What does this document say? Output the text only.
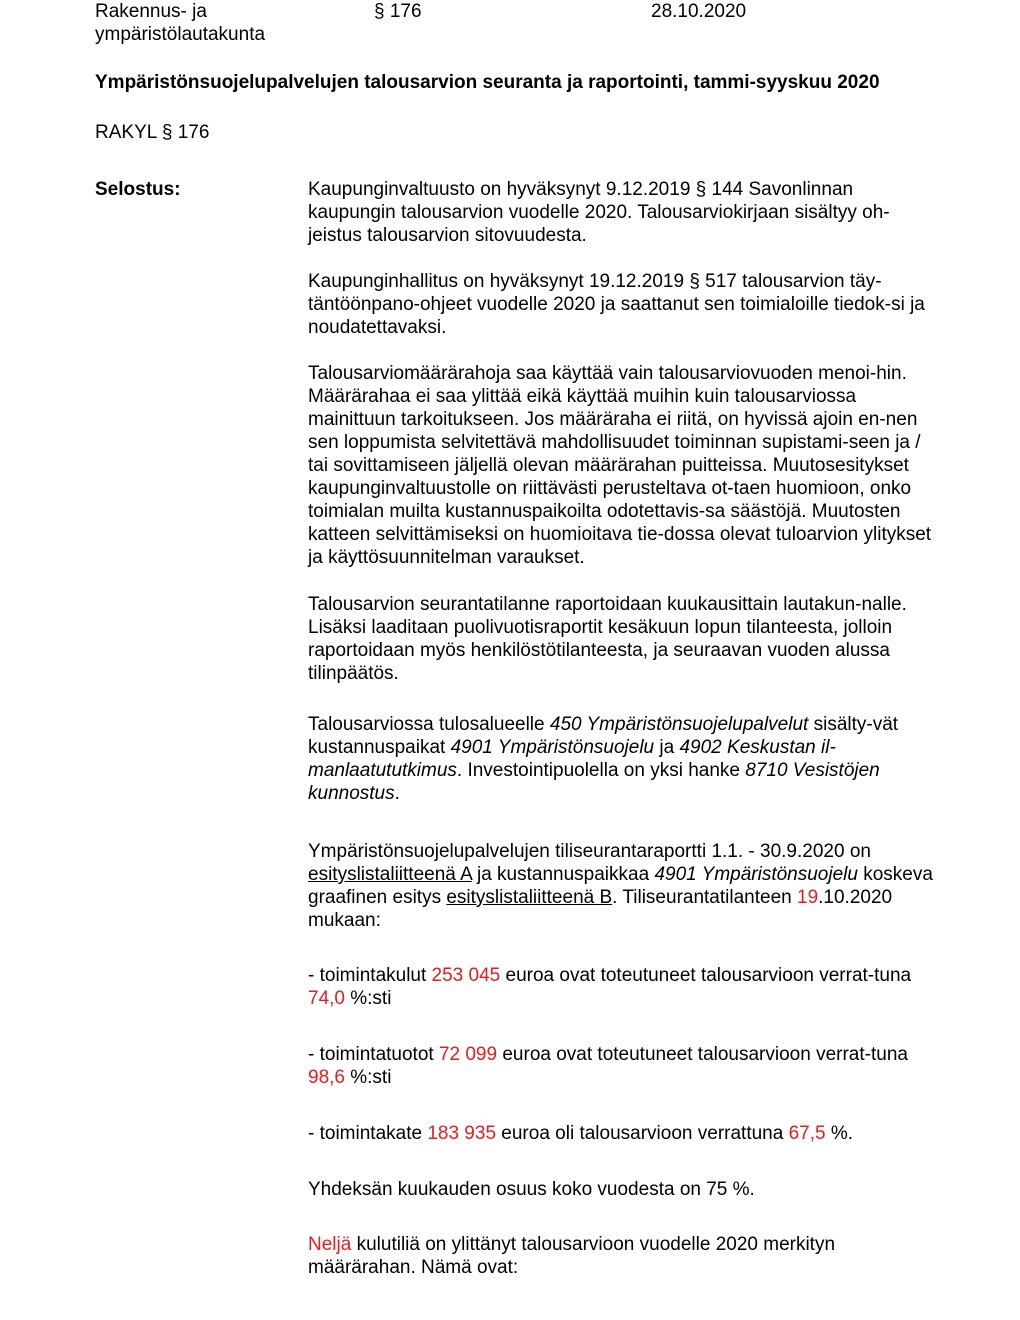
Rakennus- ja
ympäristölautakunta
§ 176	28.10.2020
Ympäristönsuojelupalvelujen talousarvion seuranta ja raportointi, tammi-syyskuu 2020
RAKYL § 176
Selostus:	Kaupunginvaltuusto on hyväksynyt 9.12.2019 § 144 Savonlinnan kaupungin talousarvion vuodelle 2020. Talousarviokirjaan sisältyy oh-jeistus talousarvion sitovuudesta.

Kaupunginhallitus on hyväksynyt 19.12.2019 § 517 talousarvion täy-täntöönpano-ohjeet vuodelle 2020 ja saattanut sen toimialoille tiedok-si ja noudatettavaksi.

Talousarviomäärärahoja saa käyttää vain talousarviovuoden menoi-hin. Määrärahaa ei saa ylittää eikä käyttää muihin kuin talousarviossa mainittuun tarkoitukseen. Jos määräraha ei riitä, on hyvissä ajoin en-nen sen loppumista selvitettävä mahdollisuudet toiminnan supistami-seen ja / tai sovittamiseen jäljellä olevan määrärahan puitteissa. Muutosesitykset kaupunginvaltuustolle on riittävästi perusteltava ot-taen huomioon, onko toimialan muilta kustannuspaikoilta odotettavis-sa säästöjä. Muutosten katteen selvittämiseksi on huomioitava tie-dossa olevat tuloarvion ylitykset ja käyttösuunnitelman varaukset.

Talousarvion seurantatilanne raportoidaan kuukausittain lautakun-nalle. Lisäksi laaditaan puolivuotisraportit kesäkuun lopun tilanteesta, jolloin raportoidaan myös henkilöstötilanteesta, ja seuraavan vuoden alussa tilinpäätös.

Talousarviossa tulosalueelle 450 Ympäristönsuojelupalvelut sisälty-vät kustannuspaikat 4901 Ympäristönsuojelu ja 4902 Keskustan il-manlaatututkimus. Investointipuolella on yksi hanke 8710 Vesistöjen kunnostus.

Ympäristönsuojelupalvelujen tiliseurantaraportti 1.1. - 30.9.2020 on esityslistaliitteenä A ja kustannuspaikkaa 4901 Ympäristönsuojelu koskeva graafinen esitys esityslistaliitteenä B. Tiliseurantatilanteen 19.10.2020 mukaan:

- toimintakulut 253 045 euroa ovat toteutuneet talousarvioon verrat-tuna 74,0 %:sti

- toimintatuotot 72 099 euroa ovat toteutuneet talousarvioon verrat-tuna 98,6 %:sti

- toimintakate 183 935 euroa oli talousarvioon verrattuna 67,5 %.

Yhdeksän kuukauden osuus koko vuodesta on 75 %.

Neljä kulutiliä on ylittänyt talousarvioon vuodelle 2020 merkityn määrärahan. Nämä ovat:
